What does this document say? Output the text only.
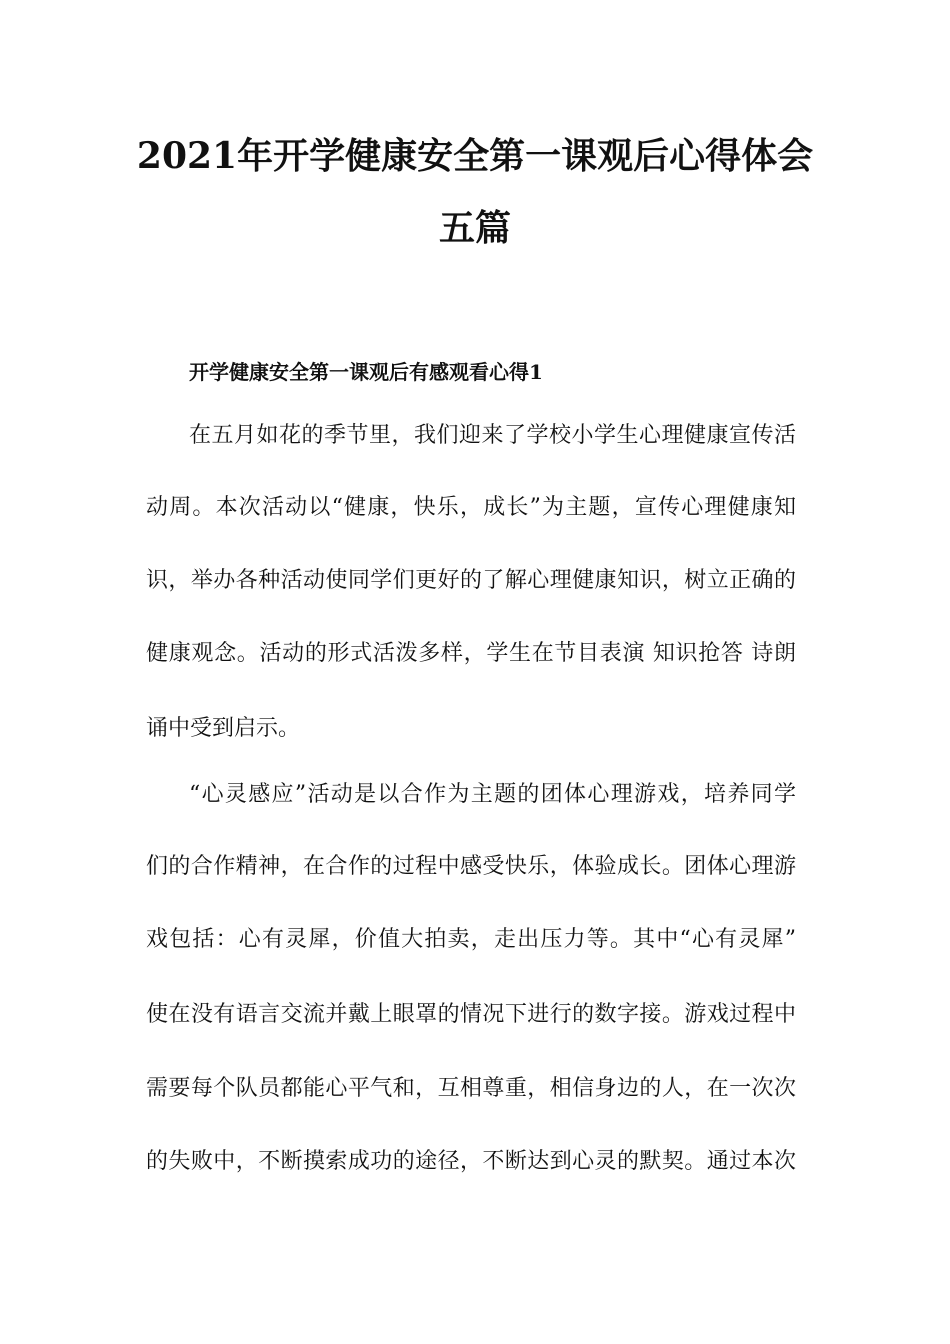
2021年开学健康安全第一课观后心得体会
五篇
开学健康安全第一课观后有感观看心得1
在五月如花的季节里，我们迎来了学校小学生心理健康宣传活
动周。本次活动以“健康，快乐，成长”为主题，宣传心理健康知
识，举办各种活动使同学们更好的了解心理健康知识，树立正确的
健康观念。活动的形式活泼多样，学生在节目表演 知识抢答 诗朗
诵中受到启示。
“心灵感应”活动是以合作为主题的团体心理游戏，培养同学
们的合作精神，在合作的过程中感受快乐，体验成长。团体心理游
戏包括：心有灵犀，价值大拍卖，走出压力等。其中“心有灵犀”
使在没有语言交流并戴上眼罩的情况下进行的数字接。游戏过程中
需要每个队员都能心平气和，互相尊重，相信身边的人，在一次次
的失败中，不断摸索成功的途径，不断达到心灵的默契。通过本次
